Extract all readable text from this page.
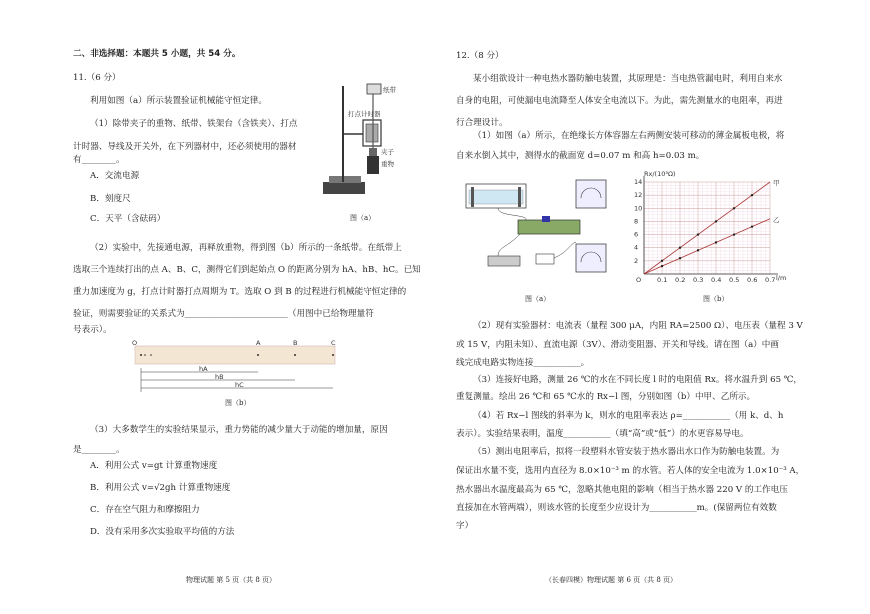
二、非选择题：本题共 5 小题，共 54 分。
11.（6 分）
利用如图（a）所示装置验证机械能守恒定律。
（1）除带夹子的重物、纸带、铁架台（含铁夹）、打点
计时器、导线及开关外，在下列器材中，还必须使用的器材
有________。
A．交流电源
B．刻度尺
C．天平（含砝码）
纸带
打点计时器
夹子
重物
图（a）
（2）实验中，先接通电源，再释放重物，得到图（b）所示的一条纸带。在纸带上
选取三个连续打出的点 A、B、C，测得它们到起始点 O 的距离分别为 hA、hB、hC。已知
重力加速度为 g，打点计时器打点周期为 T。选取 O 到 B 的过程进行机械能守恒定律的
验证，则需要验证的关系式为________________________（用图中已给物理量符
号表示）。
O	A	B	C
hA
hB
hC
图（b）
（3）大多数学生的实验结果显示，重力势能的减少量大于动能的增加量，原因
是________。
A．利用公式 v=gt 计算重物速度
B．利用公式 v=√2gh 计算重物速度
C．存在空气阻力和摩擦阻力
D．没有采用多次实验取平均值的方法
物理试题 第 5 页（共 8 页）
12.（8 分）
某小组欲设计一种电热水器防触电装置，其原理是：当电热管漏电时，利用自来水
自身的电阻，可使漏电电流降至人体安全电流以下。为此，需先测量水的电阻率，再进
行合理设计。
（1）如图（a）所示，在绝缘长方体容器左右两侧安装可移动的薄金属板电极，将
自来水倒入其中，测得水的截面宽 d=0.07 m 和高 h=0.03 m。
图（a）
O 0.1 0.2 0.3 0.4 0.5 0.6 0.7
2
4
6
8
10
12
14	甲
乙
Rx/(10³Ω)
l/m
图（b）
（2）现有实验器材：电流表（量程 300 μA，内阻 RA=2500 Ω）、电压表（量程 3 V
或 15 V，内阻未知）、直流电源（3V）、滑动变阻器、开关和导线。请在图（a）中画
线完成电路实物连接___________。
（3）连接好电路，测量 26 ℃的水在不同长度 l 时的电阻值 Rx。将水温升到 65 ℃，
重复测量。绘出 26 ℃和 65 ℃水的 Rx−l 图，分别如图（b）中甲、乙所示。
（4）若 Rx−l 图线的斜率为 k，则水的电阻率表达 ρ=___________（用 k、d、h
表示）。实验结果表明，温度___________（填“高”或“低”）的水更容易导电。
（5）测出电阻率后，拟将一段塑料水管安装于热水器出水口作为防触电装置。为
保证出水量不变，选用内直径为 8.0×10⁻³ m 的水管。若人体的安全电流为 1.0×10⁻³ A，
热水器出水温度最高为 65 ℃，忽略其他电阻的影响（相当于热水器 220 V 的工作电压
直接加在水管两端），则该水管的长度至少应设计为___________m。(保留两位有效数
字）
（长春四模）物理试题 第 6 页（共 8 页）
